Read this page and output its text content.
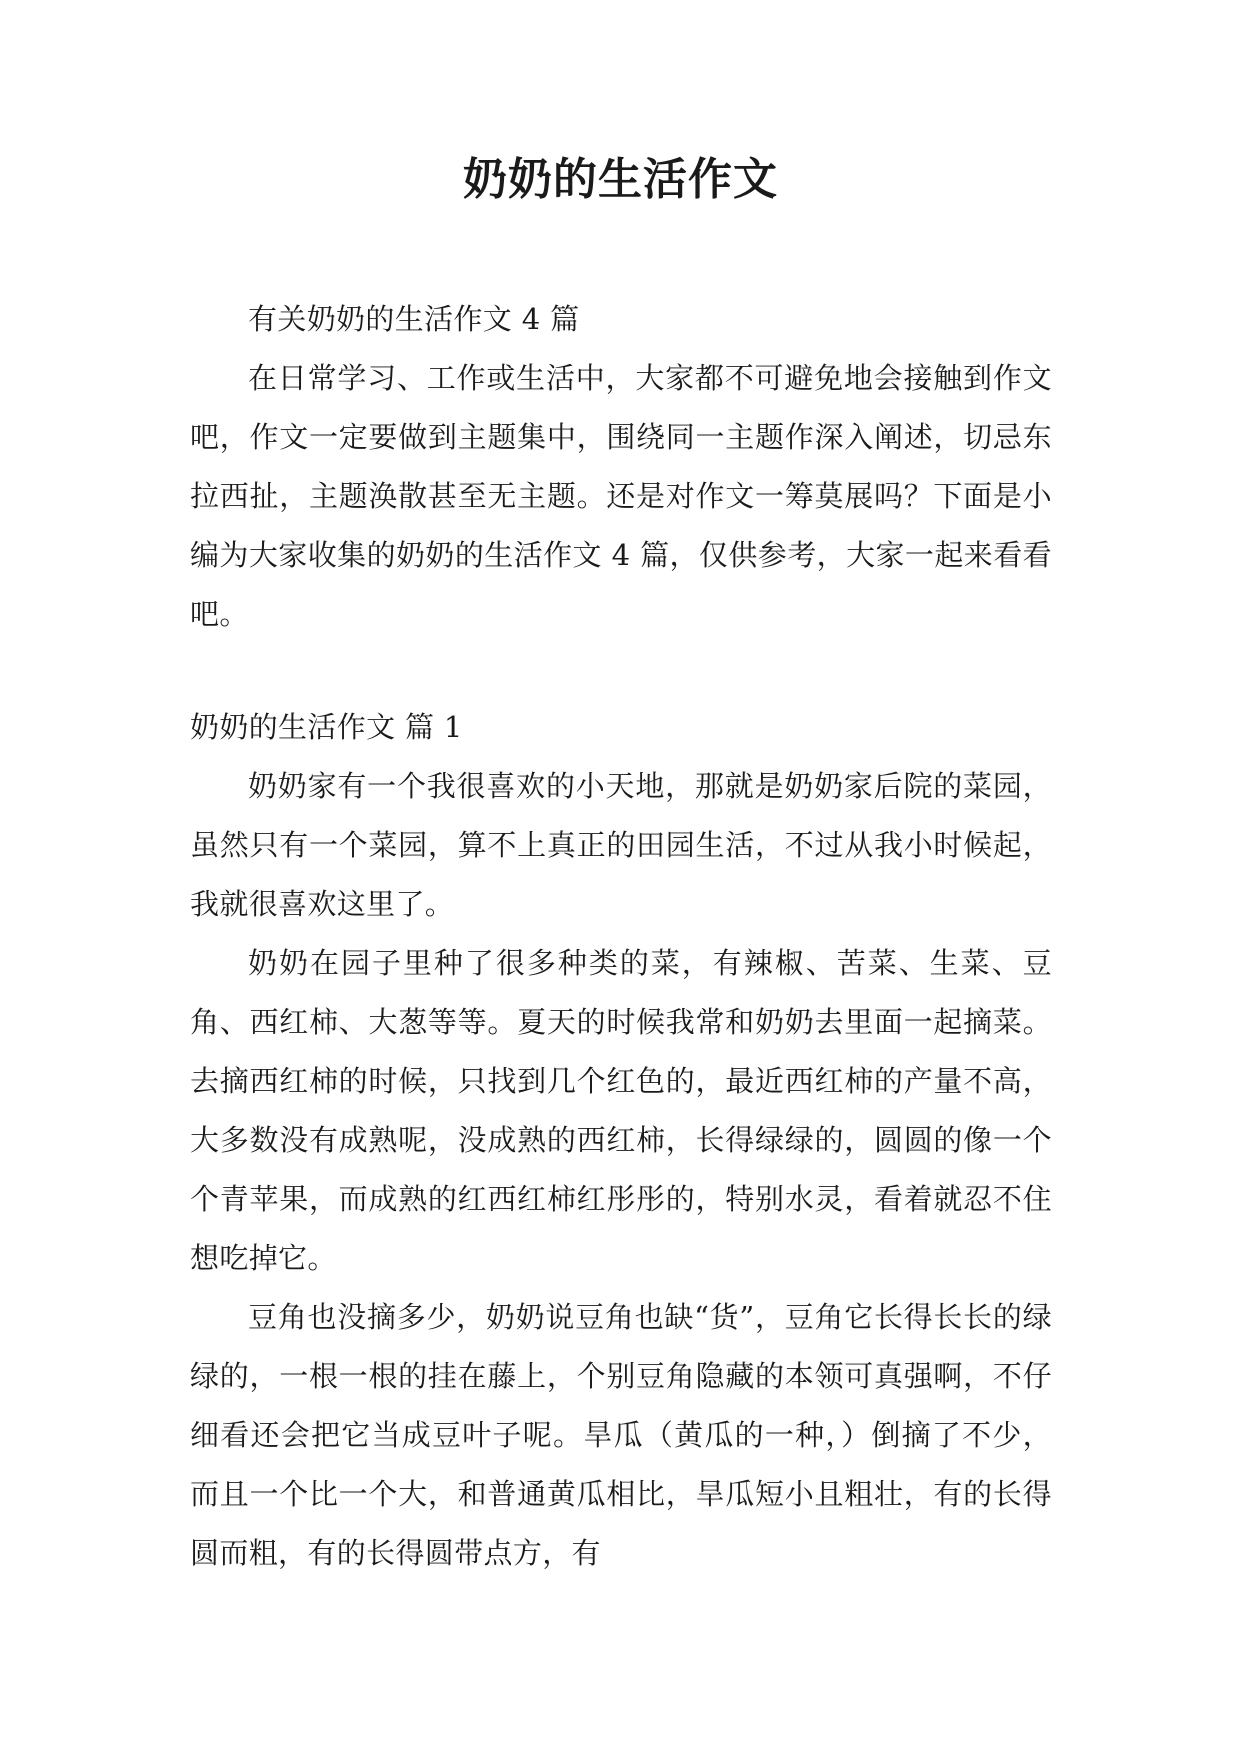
奶奶的生活作文

有关奶奶的生活作文 4 篇

在日常学习、工作或生活中，大家都不可避免地会接触到作文吧，作文一定要做到主题集中，围绕同一主题作深入阐述，切忌东拉西扯，主题涣散甚至无主题。还是对作文一筹莫展吗？下面是小编为大家收集的奶奶的生活作文 4 篇，仅供参考，大家一起来看看吧。

奶奶的生活作文 篇 1

奶奶家有一个我很喜欢的小天地，那就是奶奶家后院的菜园，虽然只有一个菜园，算不上真正的田园生活，不过从我小时候起，我就很喜欢这里了。

奶奶在园子里种了很多种类的菜，有辣椒、苦菜、生菜、豆角、西红柿、大葱等等。夏天的时候我常和奶奶去里面一起摘菜。去摘西红柿的时候，只找到几个红色的，最近西红柿的产量不高，大多数没有成熟呢，没成熟的西红柿，长得绿绿的，圆圆的像一个个青苹果，而成熟的红西红柿红彤彤的，特别水灵，看着就忍不住想吃掉它。

豆角也没摘多少，奶奶说豆角也缺“货”，豆角它长得长长的绿绿的，一根一根的挂在藤上，个别豆角隐藏的本领可真强啊，不仔细看还会把它当成豆叶子呢。旱瓜（黄瓜的一种，）倒摘了不少，而且一个比一个大，和普通黄瓜相比，旱瓜短小且粗壮，有的长得圆而粗，有的长得圆带点方，有
